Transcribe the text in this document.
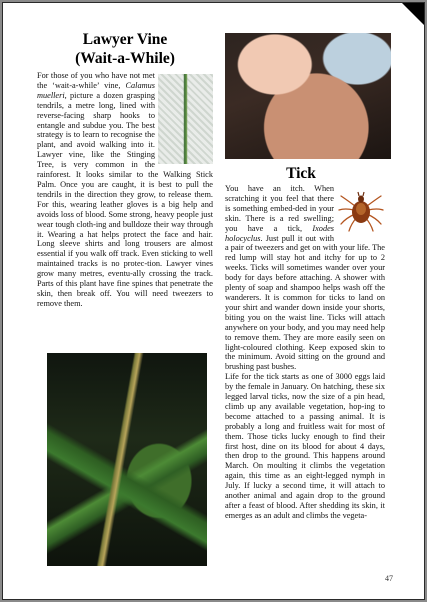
Lawyer Vine
(Wait-a-While)

For those of you who have not met the ‘wait-a-while’ vine, Calamus muelleri, picture a dozen grasping tendrils, a metre long, lined with reverse-facing sharp hooks to entangle and subdue you. The best strategy is to learn to recognise the plant, and avoid walking into it. Lawyer vine, like the Stinging Tree, is very common in the rainforest. It looks similar to the Walking Stick Palm. Once you are caught, it is best to pull the tendrils in the direction they grow, to release them. For this, wearing leather gloves is a big help and avoids loss of blood. Some strong, heavy people just wear tough cloth-ing and bulldoze their way through it. Wearing a hat helps protect the face and hair. Long sleeve shirts and long trousers are almost essential if you walk off track. Even sticking to well maintained tracks is no protec-tion. Lawyer vines grow many metres, eventu-ally crossing the track. Parts of this plant have fine spines that penetrate the skin, then break off. You will need tweezers to remove them.

Tick

You have an itch. When scratching it you feel that there is something embed-ded in your skin. There is a red swelling; you have a tick, Ixodes holocyclus. Just pull it out with a pair of tweezers and get on with your life. The red lump will stay hot and itchy for up to 2 weeks. Ticks will sometimes wander over your body for days before attaching. A shower with plenty of soap and shampoo helps wash off the wanderers. It is common for ticks to land on your shirt and wander down inside your shorts, biting you on the waist line. Ticks will attach anywhere on your body, and you may need help to remove them. They are more easily seen on light-coloured clothing. Keep exposed skin to the minimum. Avoid sitting on the ground and brushing past bushes.

Life for the tick starts as one of 3000 eggs laid by the female in January. On hatching, these six legged larval ticks, now the size of a pin head, climb up any available vegetation, hop-ing to become attached to a passing animal. It is probably a long and fruitless wait for most of them. Those ticks lucky enough to find their first host, dine on its blood for about 4 days, then drop to the ground. This happens around March. On moulting it climbs the vegetation again, this time as an eight-legged nymph in July. If lucky a second time, it will attach to another animal and again drop to the ground after a feast of blood. After shedding its skin, it emerges as an adult and climbs the vegeta-

47
